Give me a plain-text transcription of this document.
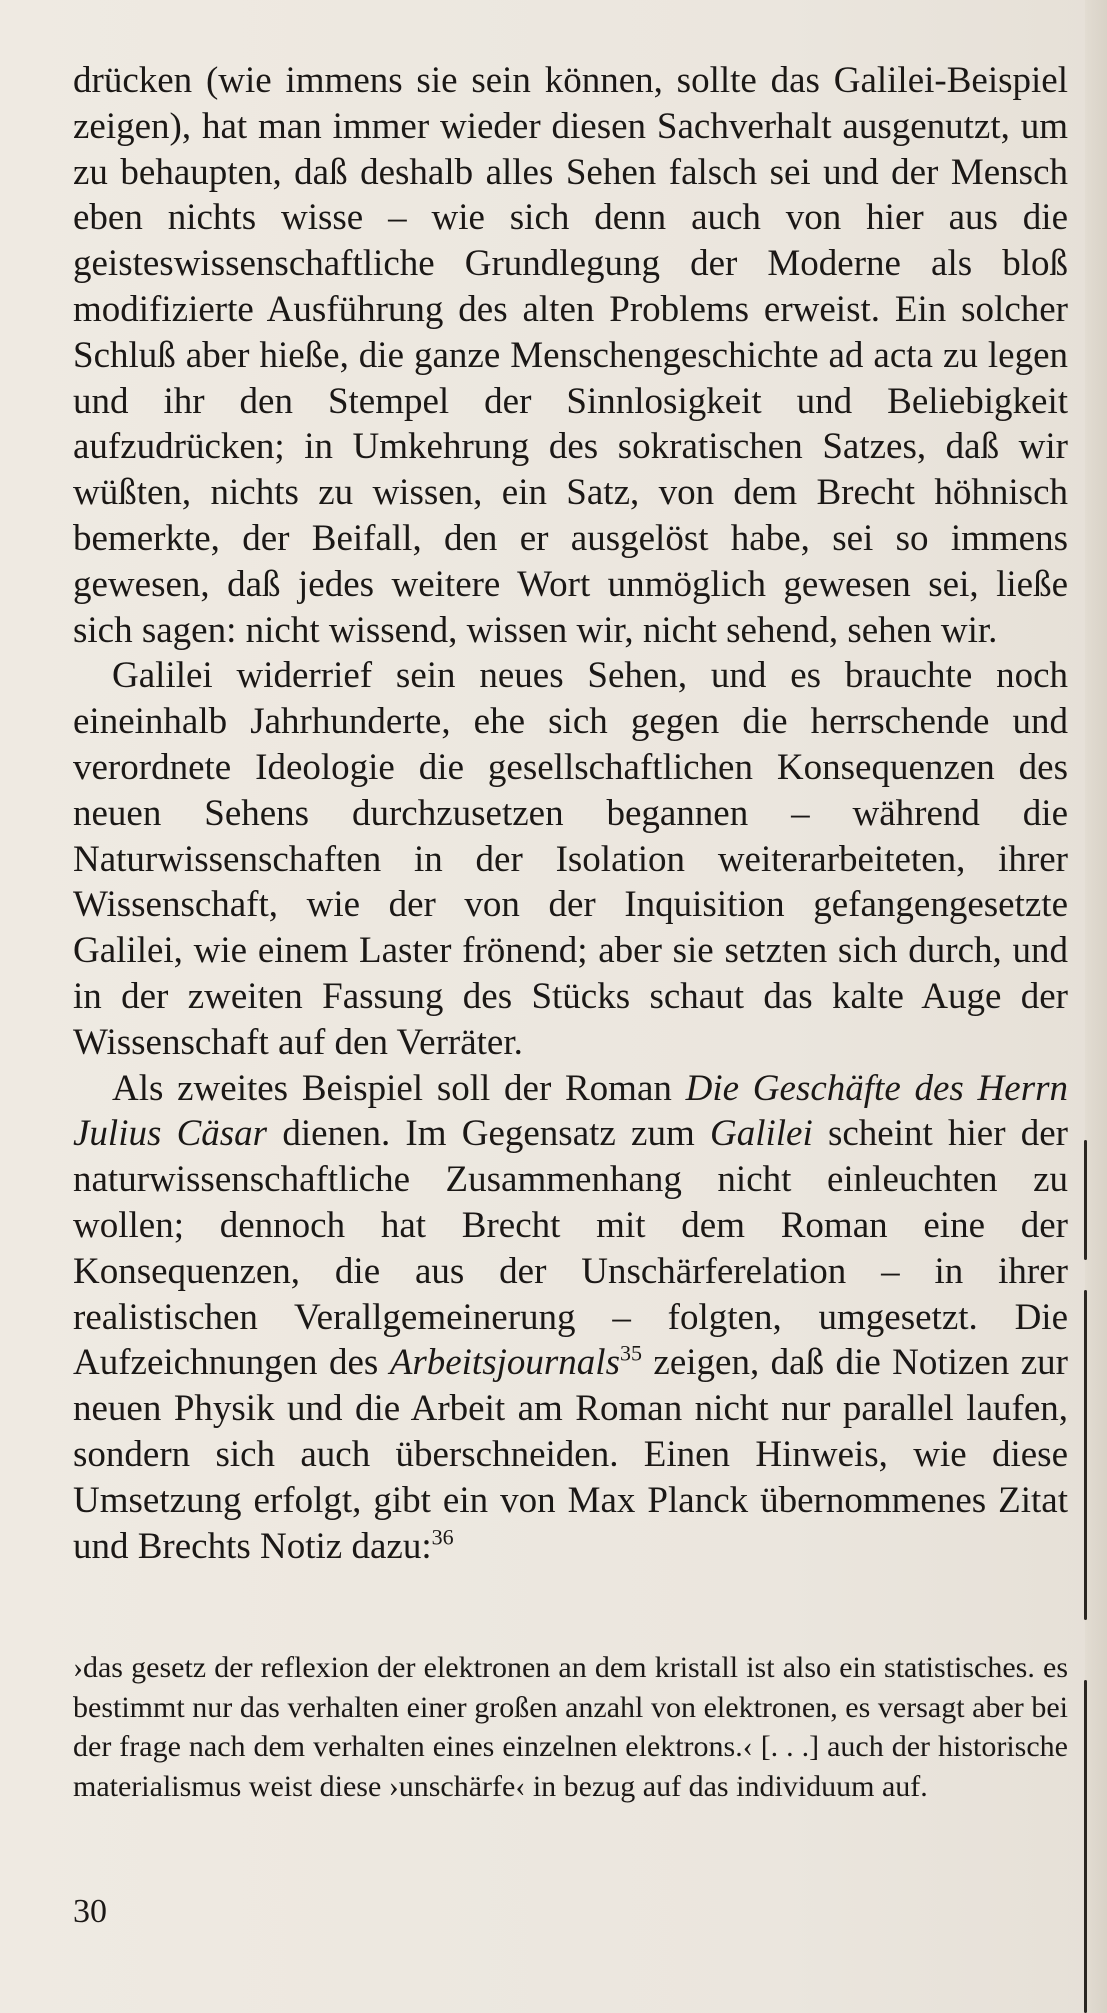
drücken (wie immens sie sein können, sollte das Galilei-Beispiel zeigen), hat man immer wieder diesen Sachverhalt ausgenutzt, um zu behaupten, daß deshalb alles Sehen falsch sei und der Mensch eben nichts wisse – wie sich denn auch von hier aus die geisteswissenschaftliche Grundlegung der Moderne als bloß modifizierte Ausführung des alten Problems erweist. Ein solcher Schluß aber hieße, die ganze Menschengeschichte ad acta zu legen und ihr den Stempel der Sinnlosigkeit und Beliebigkeit aufzudrücken; in Umkehrung des sokratischen Satzes, daß wir wüßten, nichts zu wissen, ein Satz, von dem Brecht höhnisch bemerkte, der Beifall, den er ausgelöst habe, sei so immens gewesen, daß jedes weitere Wort unmöglich gewesen sei, ließe sich sagen: nicht wissend, wissen wir, nicht sehend, sehen wir.

Galilei widerrief sein neues Sehen, und es brauchte noch eineinhalb Jahrhunderte, ehe sich gegen die herrschende und verordnete Ideologie die gesellschaftlichen Konsequenzen des neuen Sehens durchzusetzen begannen – während die Naturwissenschaften in der Isolation weiterarbeiteten, ihrer Wissenschaft, wie der von der Inquisition gefangengesetzte Galilei, wie einem Laster frönend; aber sie setzten sich durch, und in der zweiten Fassung des Stücks schaut das kalte Auge der Wissenschaft auf den Verräter.

Als zweites Beispiel soll der Roman Die Geschäfte des Herrn Julius Cäsar dienen. Im Gegensatz zum Galilei scheint hier der naturwissenschaftliche Zusammenhang nicht einleuchten zu wollen; dennoch hat Brecht mit dem Roman eine der Konsequenzen, die aus der Unschärferelation – in ihrer realistischen Verallgemeinerung – folgten, umgesetzt. Die Aufzeichnungen des Arbeitsjournals$^{35}$ zeigen, daß die Notizen zur neuen Physik und die Arbeit am Roman nicht nur parallel laufen, sondern sich auch überschneiden. Einen Hinweis, wie diese Umsetzung erfolgt, gibt ein von Max Planck übernommenes Zitat und Brechts Notiz dazu:$^{36}$

›das gesetz der reflexion der elektronen an dem kristall ist also ein statistisches. es bestimmt nur das verhalten einer großen anzahl von elektronen, es versagt aber bei der frage nach dem verhalten eines einzelnen elektrons.‹ [. . .] auch der historische materialismus weist diese ›unschärfe‹ in bezug auf das individuum auf.

30
